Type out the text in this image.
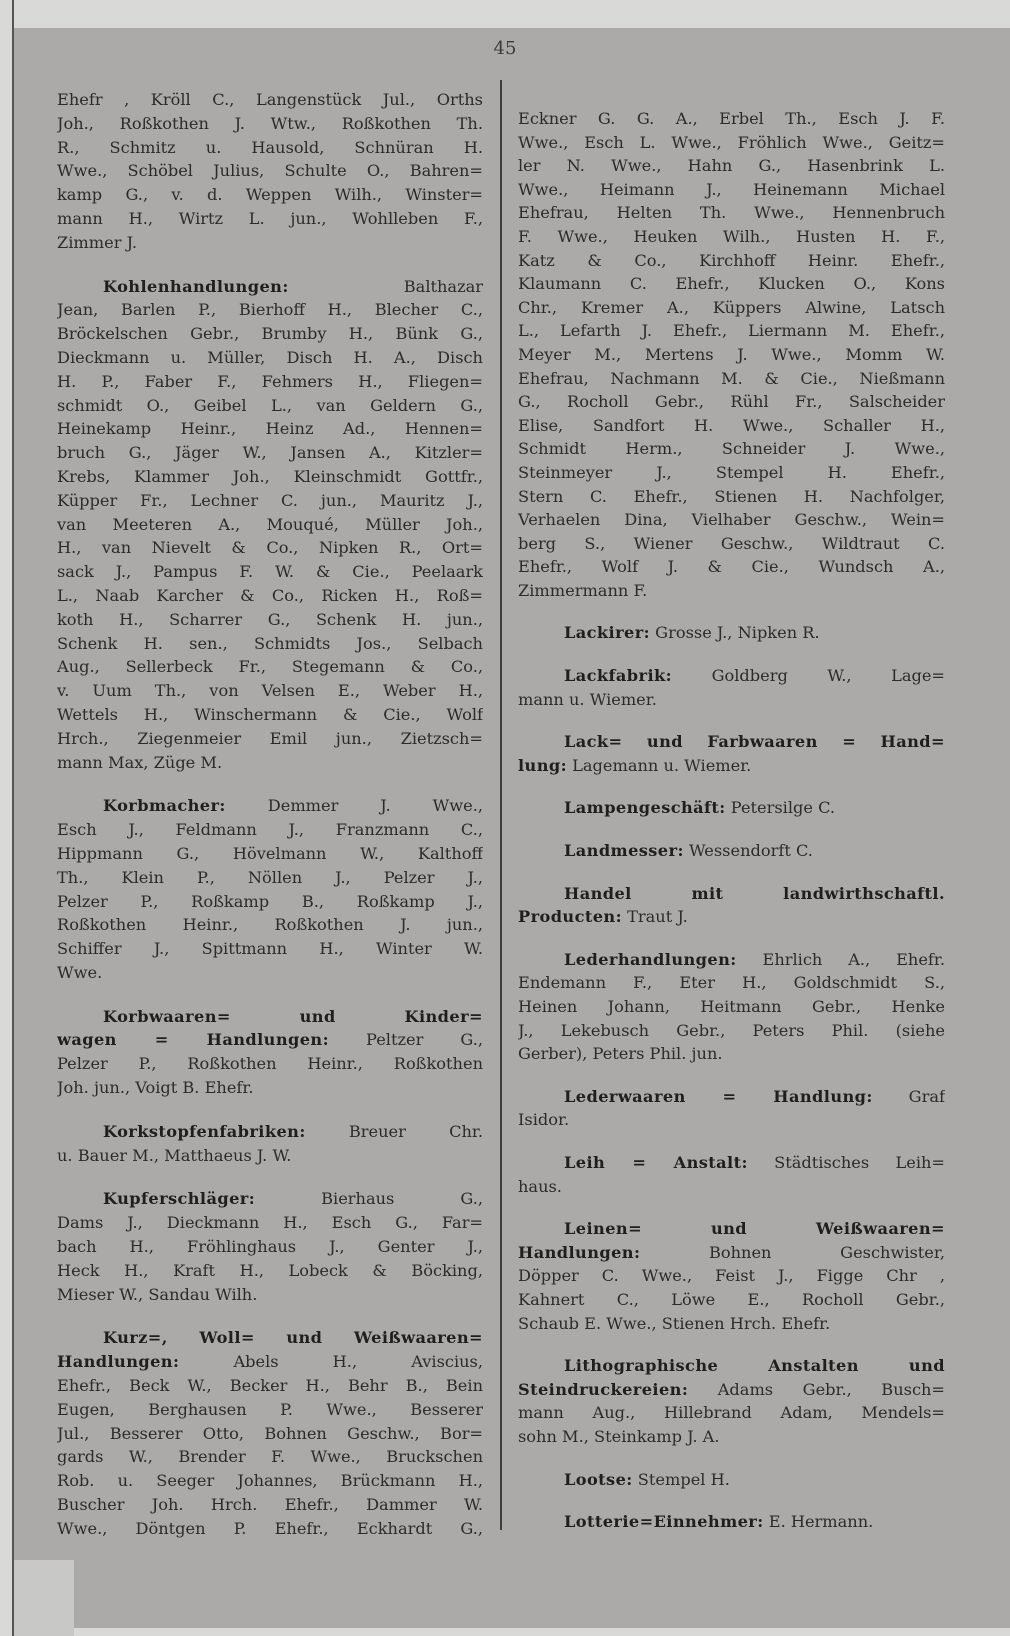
45
Ehefr , Kröll C., Langenstück Jul., Orths
Joh., Roßkothen J. Wtw., Roßkothen Th.
R., Schmitz u. Hausold, Schnüran H.
Wwe., Schöbel Julius, Schulte O., Bahren=
kamp G., v. d. Weppen Wilh., Winster=
mann H., Wirtz L. jun., Wohlleben F.,
Zimmer J.
Kohlenhandlungen: Balthazar
Jean, Barlen P., Bierhoff H., Blecher C.,
Bröckelschen Gebr., Brumby H., Bünk G.,
Dieckmann u. Müller, Disch H. A., Disch
H. P., Faber F., Fehmers H., Fliegen=
schmidt O., Geibel L., van Geldern G.,
Heinekamp Heinr., Heinz Ad., Hennen=
bruch G., Jäger W., Jansen A., Kitzler=
Krebs, Klammer Joh., Kleinschmidt Gottfr.,
Küpper Fr., Lechner C. jun., Mauritz J.,
van Meeteren A., Mouqué, Müller Joh.,
H., van Nievelt & Co., Nipken R., Ort=
sack J., Pampus F. W. & Cie., Peelaark
L., Naab Karcher & Co., Ricken H., Roß=
koth H., Scharrer G., Schenk H. jun.,
Schenk H. sen., Schmidts Jos., Selbach
Aug., Sellerbeck Fr., Stegemann & Co.,
v. Uum Th., von Velsen E., Weber H.,
Wettels H., Winschermann & Cie., Wolf
Hrch., Ziegenmeier Emil jun., Zietzsch=
mann Max, Züge M.
Korbmacher: Demmer J. Wwe.,
Esch J., Feldmann J., Franzmann C.,
Hippmann G., Hövelmann W., Kalthoff
Th., Klein P., Nöllen J., Pelzer J.,
Pelzer P., Roßkamp B., Roßkamp J.,
Roßkothen Heinr., Roßkothen J. jun.,
Schiffer J., Spittmann H., Winter W.
Wwe.
Korbwaaren= und Kinder=
wagen = Handlungen: Peltzer G.,
Pelzer P., Roßkothen Heinr., Roßkothen
Joh. jun., Voigt B. Ehefr.
Korkstopfenfabriken: Breuer Chr.
u. Bauer M., Matthaeus J. W.
Kupferschläger: Bierhaus G.,
Dams J., Dieckmann H., Esch G., Far=
bach H., Fröhlinghaus J., Genter J.,
Heck H., Kraft H., Lobeck & Böcking,
Mieser W., Sandau Wilh.
Kurz=, Woll= und Weißwaaren=
Handlungen: Abels H., Aviscius,
Ehefr., Beck W., Becker H., Behr B., Bein
Eugen, Berghausen P. Wwe., Besserer
Jul., Besserer Otto, Bohnen Geschw., Bor=
gards W., Brender F. Wwe., Bruckschen
Rob. u. Seeger Johannes, Brückmann H.,
Buscher Joh. Hrch. Ehefr., Dammer W.
Wwe., Döntgen P. Ehefr., Eckhardt G.,
Eckner G. G. A., Erbel Th., Esch J. F.
Wwe., Esch L. Wwe., Fröhlich Wwe., Geitz=
ler N. Wwe., Hahn G., Hasenbrink L.
Wwe., Heimann J., Heinemann Michael
Ehefrau, Helten Th. Wwe., Hennenbruch
F. Wwe., Heuken Wilh., Husten H. F.,
Katz & Co., Kirchhoff Heinr. Ehefr.,
Klaumann C. Ehefr., Klucken O., Kons
Chr., Kremer A., Küppers Alwine, Latsch
L., Lefarth J. Ehefr., Liermann M. Ehefr.,
Meyer M., Mertens J. Wwe., Momm W.
Ehefrau, Nachmann M. & Cie., Nießmann
G., Rocholl Gebr., Rühl Fr., Salscheider
Elise, Sandfort H. Wwe., Schaller H.,
Schmidt Herm., Schneider J. Wwe.,
Steinmeyer J., Stempel H. Ehefr.,
Stern C. Ehefr., Stienen H. Nachfolger,
Verhaelen Dina, Vielhaber Geschw., Wein=
berg S., Wiener Geschw., Wildtraut C.
Ehefr., Wolf J. & Cie., Wundsch A.,
Zimmermann F.
Lackirer: Grosse J., Nipken R.
Lackfabrik: Goldberg W., Lage=
mann u. Wiemer.
Lack= und Farbwaaren = Hand=
lung: Lagemann u. Wiemer.
Lampengeschäft: Petersilge C.
Landmesser: Wessendorft C.
Handel mit landwirthschaftl.
Producten: Traut J.
Lederhandlungen: Ehrlich A., Ehefr.
Endemann F., Eter H., Goldschmidt S.,
Heinen Johann, Heitmann Gebr., Henke
J., Lekebusch Gebr., Peters Phil. (siehe
Gerber), Peters Phil. jun.
Lederwaaren = Handlung: Graf
Isidor.
Leih = Anstalt: Städtisches Leih=
haus.
Leinen= und Weißwaaren=
Handlungen: Bohnen Geschwister,
Döpper C. Wwe., Feist J., Figge Chr ,
Kahnert C., Löwe E., Rocholl Gebr.,
Schaub E. Wwe., Stienen Hrch. Ehefr.
Lithographische Anstalten und
Steindruckereien: Adams Gebr., Busch=
mann Aug., Hillebrand Adam, Mendels=
sohn M., Steinkamp J. A.
Lootse: Stempel H.
Lotterie=Einnehmer: E. Hermann.
